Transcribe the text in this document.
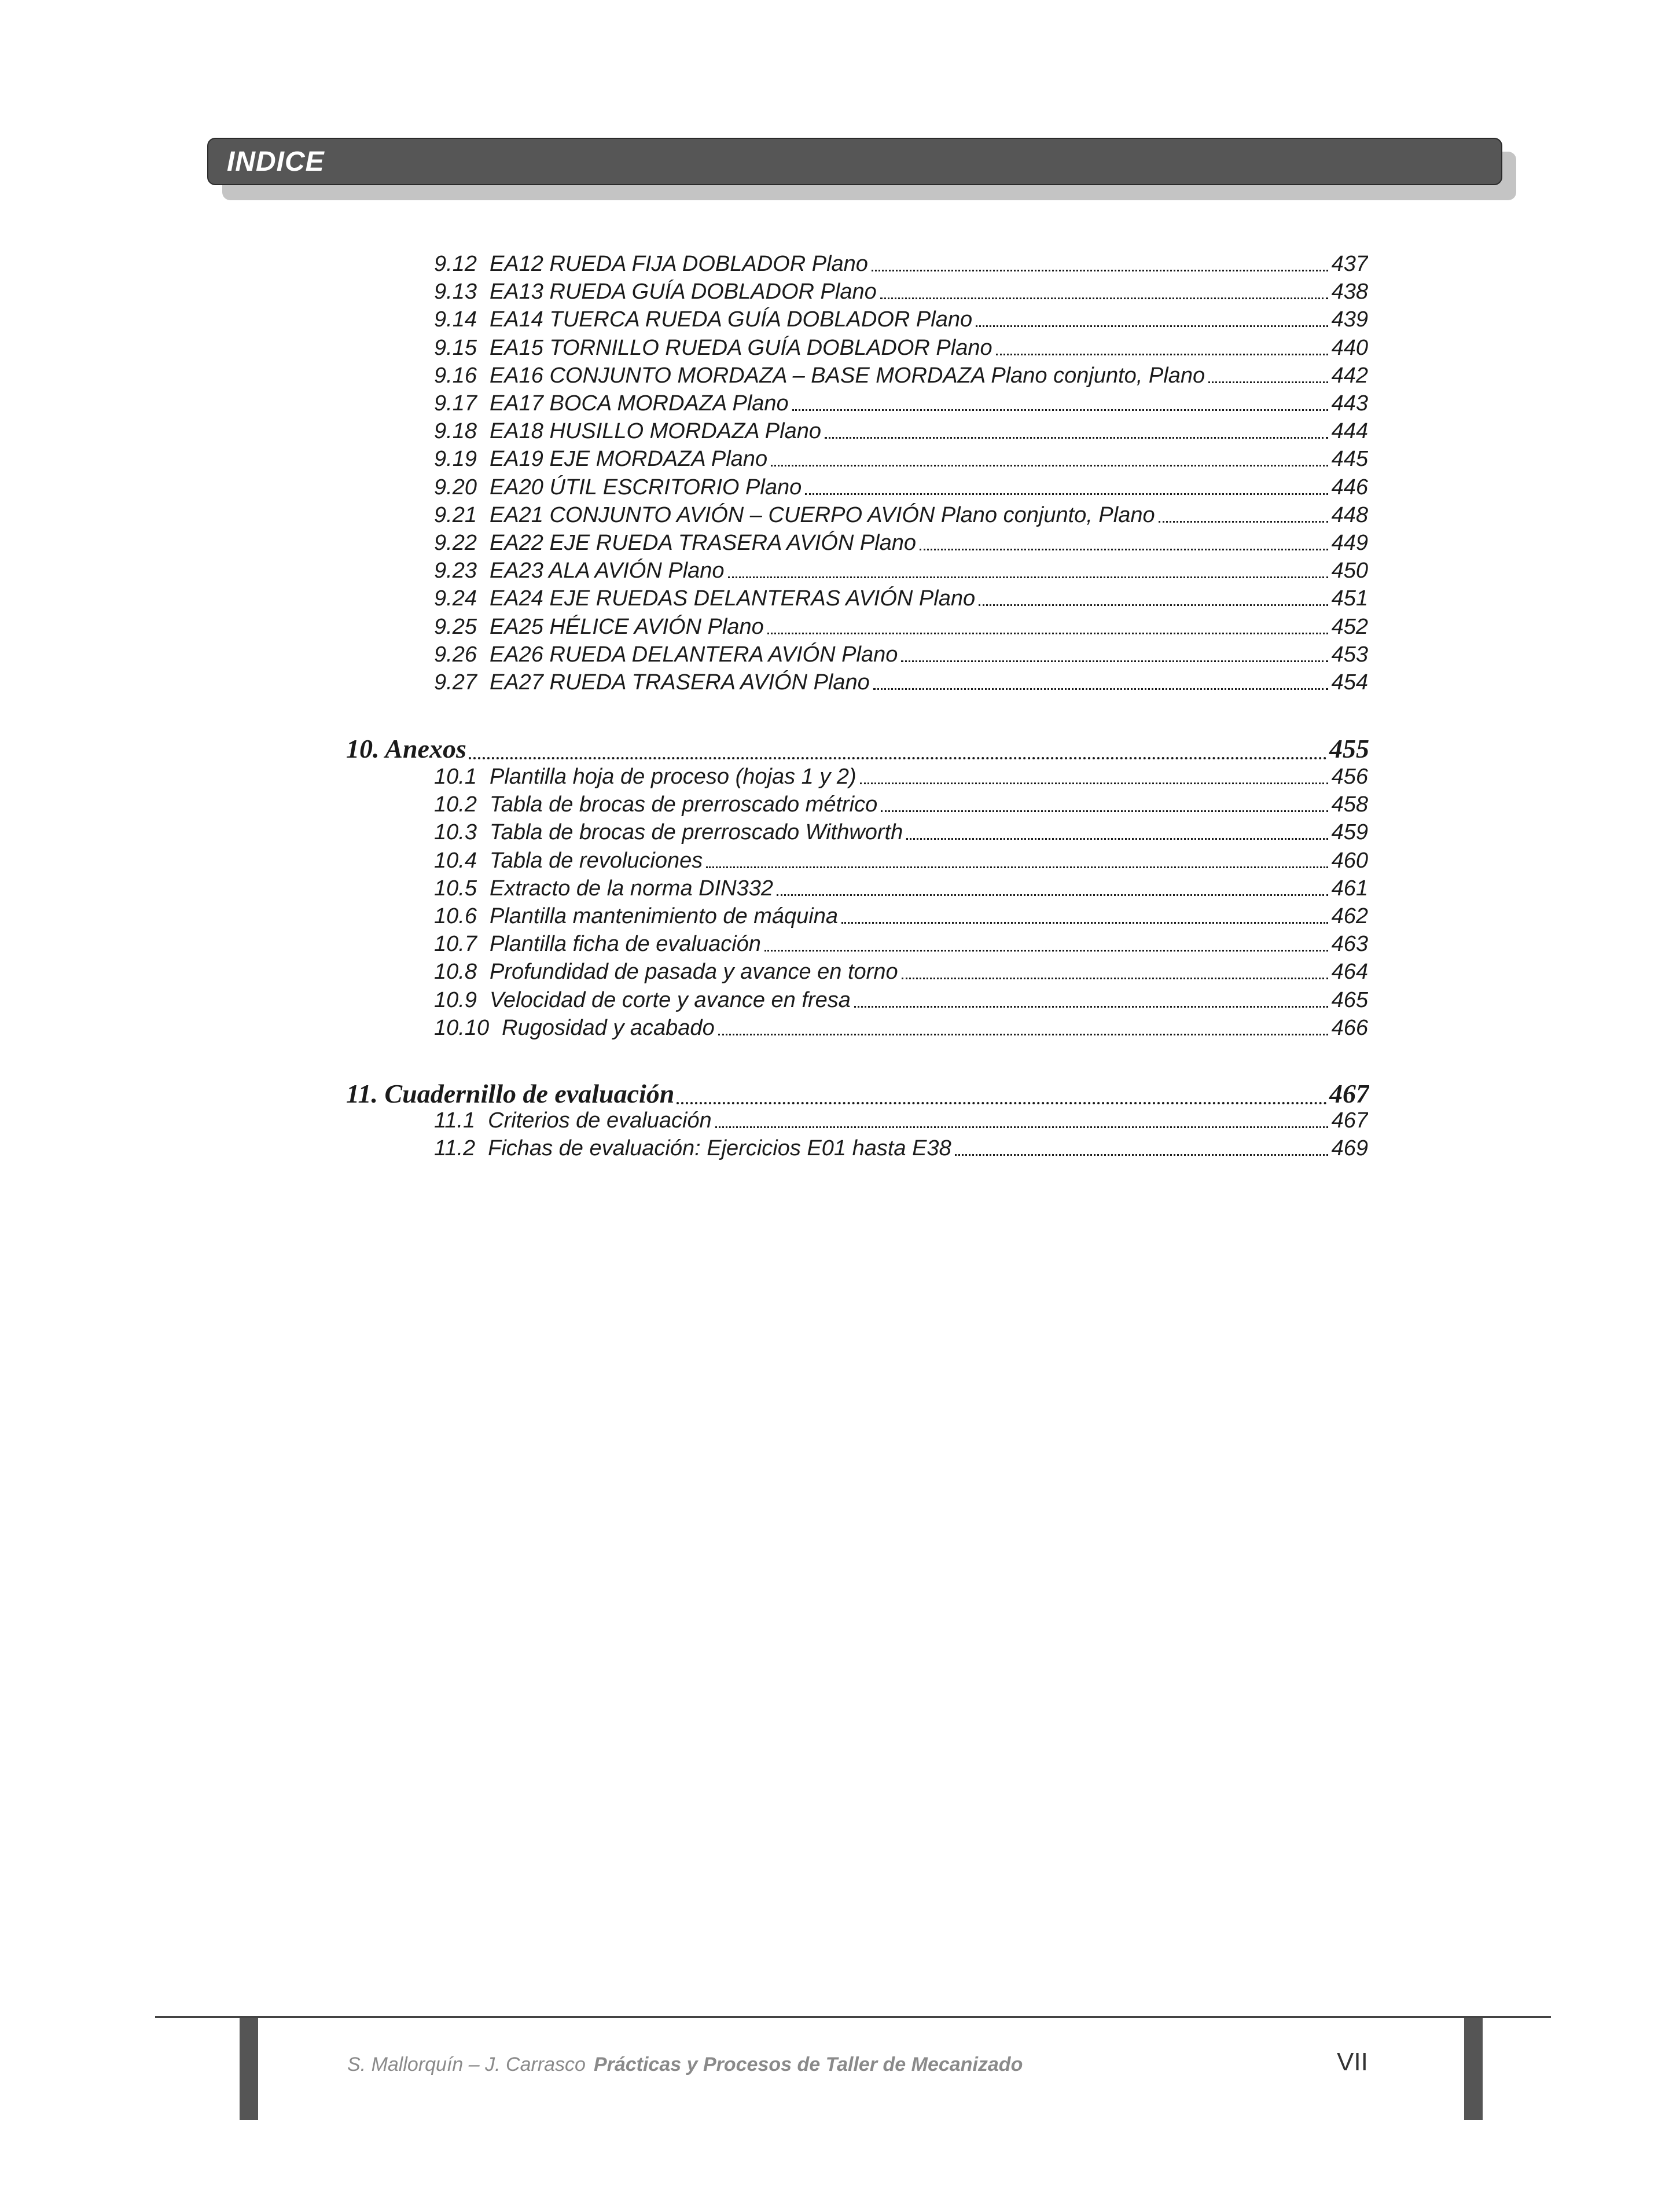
INDICE
9.12 EA12 RUEDA FIJA DOBLADOR Plano	437
9.13 EA13 RUEDA GUÍA DOBLADOR Plano	438
9.14 EA14 TUERCA RUEDA GUÍA DOBLADOR Plano	439
9.15 EA15 TORNILLO RUEDA GUÍA DOBLADOR Plano	440
9.16 EA16 CONJUNTO MORDAZA – BASE MORDAZA Plano conjunto, Plano	442
9.17 EA17 BOCA MORDAZA Plano	443
9.18 EA18 HUSILLO MORDAZA Plano	444
9.19 EA19 EJE MORDAZA Plano	445
9.20 EA20 ÚTIL ESCRITORIO Plano	446
9.21 EA21 CONJUNTO AVIÓN – CUERPO AVIÓN Plano conjunto, Plano	448
9.22 EA22 EJE RUEDA TRASERA AVIÓN Plano	449
9.23 EA23 ALA AVIÓN Plano	450
9.24 EA24 EJE RUEDAS DELANTERAS AVIÓN Plano	451
9.25 EA25 HÉLICE AVIÓN Plano	452
9.26 EA26 RUEDA DELANTERA AVIÓN Plano	453
9.27 EA27 RUEDA TRASERA AVIÓN Plano	454
10. Anexos	455
10.1 Plantilla hoja de proceso (hojas 1 y 2)	456
10.2 Tabla de brocas de prerroscado métrico	458
10.3 Tabla de brocas de prerroscado Withworth	459
10.4 Tabla de revoluciones	460
10.5 Extracto de la norma DIN332	461
10.6 Plantilla mantenimiento de máquina	462
10.7 Plantilla ficha de evaluación	463
10.8 Profundidad de pasada y avance en torno	464
10.9 Velocidad de corte y avance en fresa	465
10.10 Rugosidad y acabado	466
11. Cuadernillo de evaluación	467
11.1 Criterios de evaluación	467
11.2 Fichas de evaluación: Ejercicios E01 hasta E38	469
S. Mallorquín – J. Carrasco Prácticas y Procesos de Taller de Mecanizado	VII
